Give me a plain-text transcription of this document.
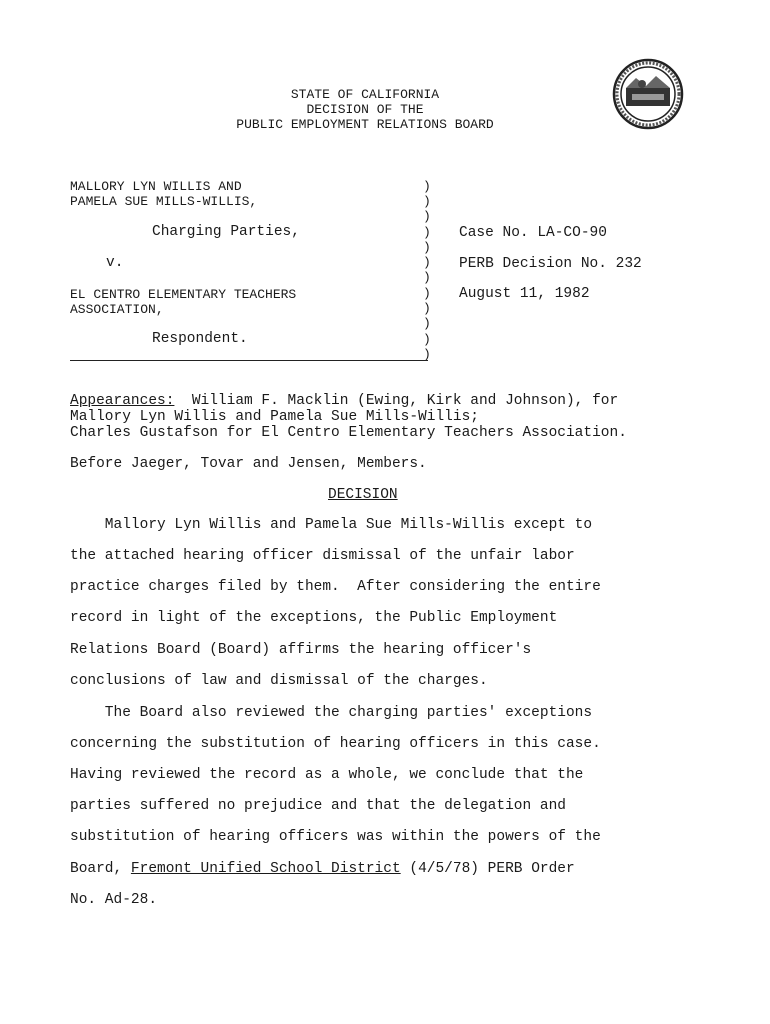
STATE OF CALIFORNIA
DECISION OF THE
PUBLIC EMPLOYMENT RELATIONS BOARD
MALLORY LYN WILLIS AND
PAMELA SUE MILLS-WILLIS,
Charging Parties,
v.
EL CENTRO ELEMENTARY TEACHERS
ASSOCIATION,
Respondent.
)
)
)
)
)
)
)
)
)
)
)
)
Case No. LA-CO-90
PERB Decision No. 232
August 11, 1982
Appearances:  William F. Macklin (Ewing, Kirk and Johnson), for
Mallory Lyn Willis and Pamela Sue Mills-Willis;
Charles Gustafson for El Centro Elementary Teachers Association.
Before Jaeger, Tovar and Jensen, Members.
DECISION
Mallory Lyn Willis and Pamela Sue Mills-Willis except to
the attached hearing officer dismissal of the unfair labor
practice charges filed by them.  After considering the entire
record in light of the exceptions, the Public Employment
Relations Board (Board) affirms the hearing officer's
conclusions of law and dismissal of the charges.
The Board also reviewed the charging parties' exceptions
concerning the substitution of hearing officers in this case.
Having reviewed the record as a whole, we conclude that the
parties suffered no prejudice and that the delegation and
substitution of hearing officers was within the powers of the
Board, Fremont Unified School District (4/5/78) PERB Order
No. Ad-28.
